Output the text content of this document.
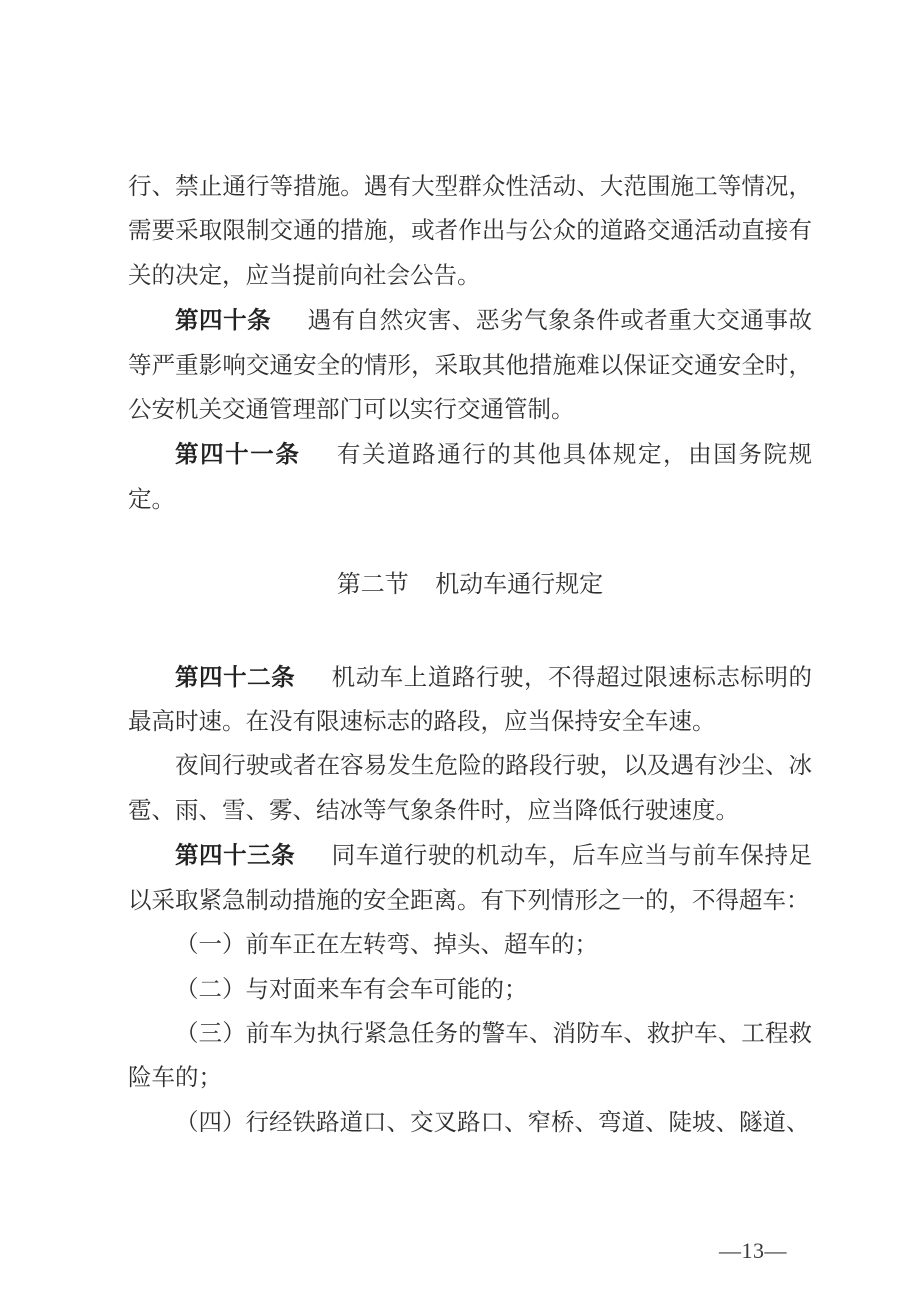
行、禁止通行等措施。遇有大型群众性活动、大范围施工等情况，需要采取限制交通的措施，或者作出与公众的道路交通活动直接有关的决定，应当提前向社会公告。

第四十条 遇有自然灾害、恶劣气象条件或者重大交通事故等严重影响交通安全的情形，采取其他措施难以保证交通安全时，公安机关交通管理部门可以实行交通管制。

第四十一条 有关道路通行的其他具体规定，由国务院规定。

第二节 机动车通行规定

第四十二条 机动车上道路行驶，不得超过限速标志标明的最高时速。在没有限速标志的路段，应当保持安全车速。

夜间行驶或者在容易发生危险的路段行驶，以及遇有沙尘、冰雹、雨、雪、雾、结冰等气象条件时，应当降低行驶速度。

第四十三条 同车道行驶的机动车，后车应当与前车保持足以采取紧急制动措施的安全距离。有下列情形之一的，不得超车：

（一）前车正在左转弯、掉头、超车的；

（二）与对面来车有会车可能的；

（三）前车为执行紧急任务的警车、消防车、救护车、工程救险车的；

（四）行经铁路道口、交叉路口、窄桥、弯道、陡坡、隧道、

—13—
